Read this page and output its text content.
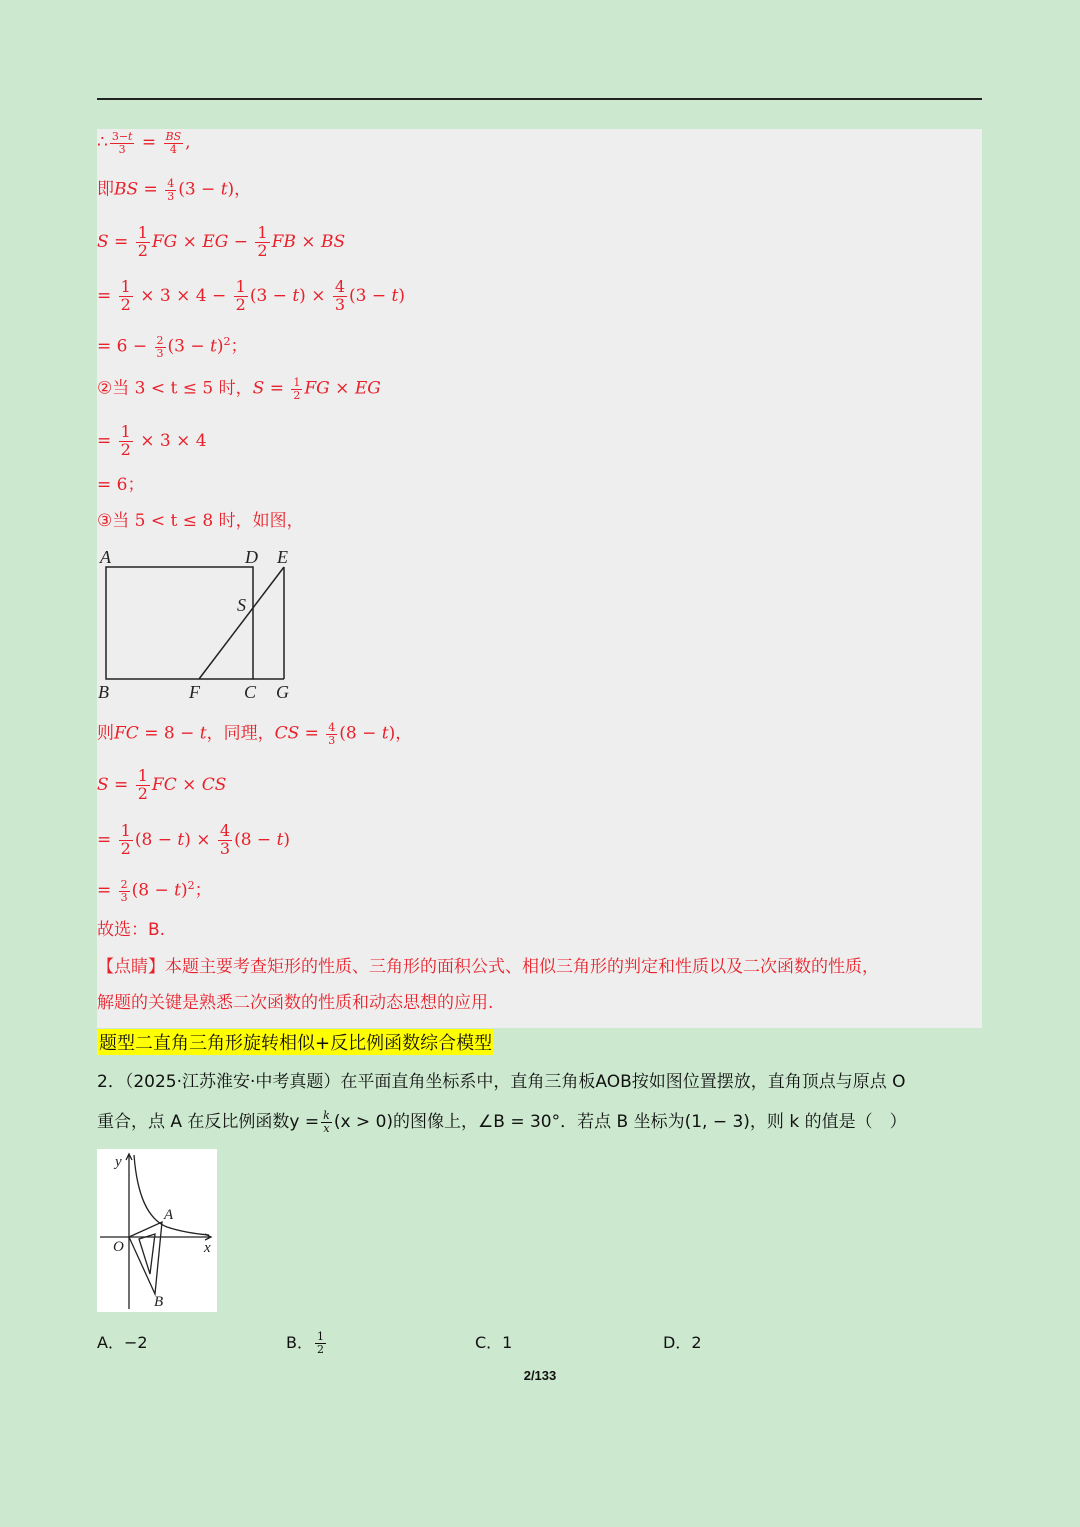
∴ $\frac{3-t}{3} = \frac{BS}{4}$ ,
即BS = $\frac{4}{3} (3 - t)$，
$S = \frac{1}{2}$ FG × EG − $\frac{1}{2}$ FB × BS
= $\frac{1}{2} \times 3 \times 4 - \frac{1}{2} (3 - t) \times \frac{4}{3} (3 - t)$
= $6 - \frac{2}{3} (3 - t)^2$；
②当 3 < t ≤ 5 时，$S = \frac{1}{2}$ FG × EG
= $\frac{1}{2} \times 3 \times 4$
= 6；
③当 5 < t ≤ 8 时，如图，
A	D E
S
B	F C G
则FC = 8 − t，同理，CS = $\frac{4}{3} (8 - t)$，
$S = \frac{1}{2}$ FC × CS
= $\frac{1}{2} (8 - t) \times \frac{4}{3} (8 - t)$
= $\frac{2}{3} (8 - t)^2$；
故选：B.
【点睛】本题主要考查矩形的性质、三角形的面积公式、相似三角形的判定和性质以及二次函数的性质，
解题的关键是熟悉二次函数的性质和动态思想的应用.
题型二直角三角形旋转相似+反比例函数综合模型
2．（2025·江苏淮安·中考真题）在平面直角坐标系中，直角三角板AOB按如图位置摆放，直角顶点与原点 O
重合，点 A 在反比例函数$y = \frac{k}{x} (x > 0)$的图像上，∠B = 30°．若点 B 坐标为(1, − 3)，则 k 的值是（　）
y
x
O
A
B
A．−2	B． $\frac{1}{2}$	C．1	D．2
2/133
